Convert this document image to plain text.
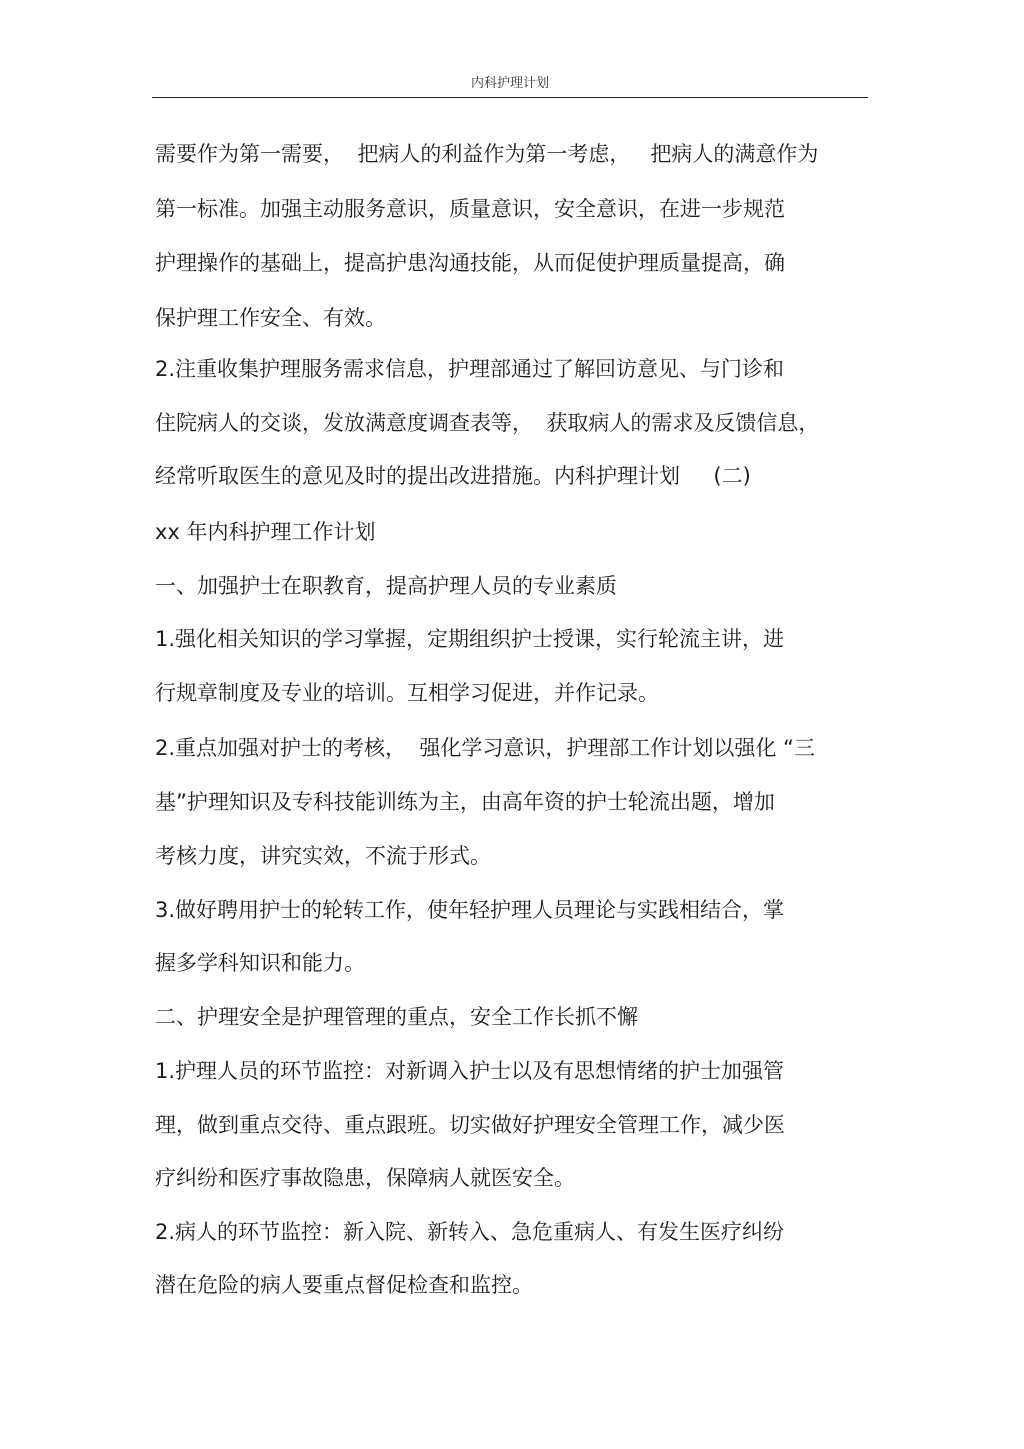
内科护理计划
需要作为第一需要，  把病人的利益作为第一考虑，   把病人的满意作为
第一标准。加强主动服务意识，质量意识，安全意识，在进一步规范
护理操作的基础上，提高护患沟通技能，从而促使护理质量提高，确
保护理工作安全、有效。
2.注重收集护理服务需求信息，护理部通过了解回访意见、与门诊和
住院病人的交谈，发放满意度调查表等，  获取病人的需求及反馈信息，
经常听取医生的意见及时的提出改进措施。内科护理计划     (二)
xx 年内科护理工作计划
一、加强护士在职教育，提高护理人员的专业素质
1.强化相关知识的学习掌握，定期组织护士授课，实行轮流主讲，进
行规章制度及专业的培训。互相学习促进，并作记录。
2.重点加强对护士的考核，  强化学习意识，护理部工作计划以强化 “三
基”护理知识及专科技能训练为主，由高年资的护士轮流出题，增加
考核力度，讲究实效，不流于形式。
3.做好聘用护士的轮转工作，使年轻护理人员理论与实践相结合，掌
握多学科知识和能力。
二、护理安全是护理管理的重点，安全工作长抓不懈
1.护理人员的环节监控：对新调入护士以及有思想情绪的护士加强管
理，做到重点交待、重点跟班。切实做好护理安全管理工作，减少医
疗纠纷和医疗事故隐患，保障病人就医安全。
2.病人的环节监控：新入院、新转入、急危重病人、有发生医疗纠纷
潜在危险的病人要重点督促检查和监控。
